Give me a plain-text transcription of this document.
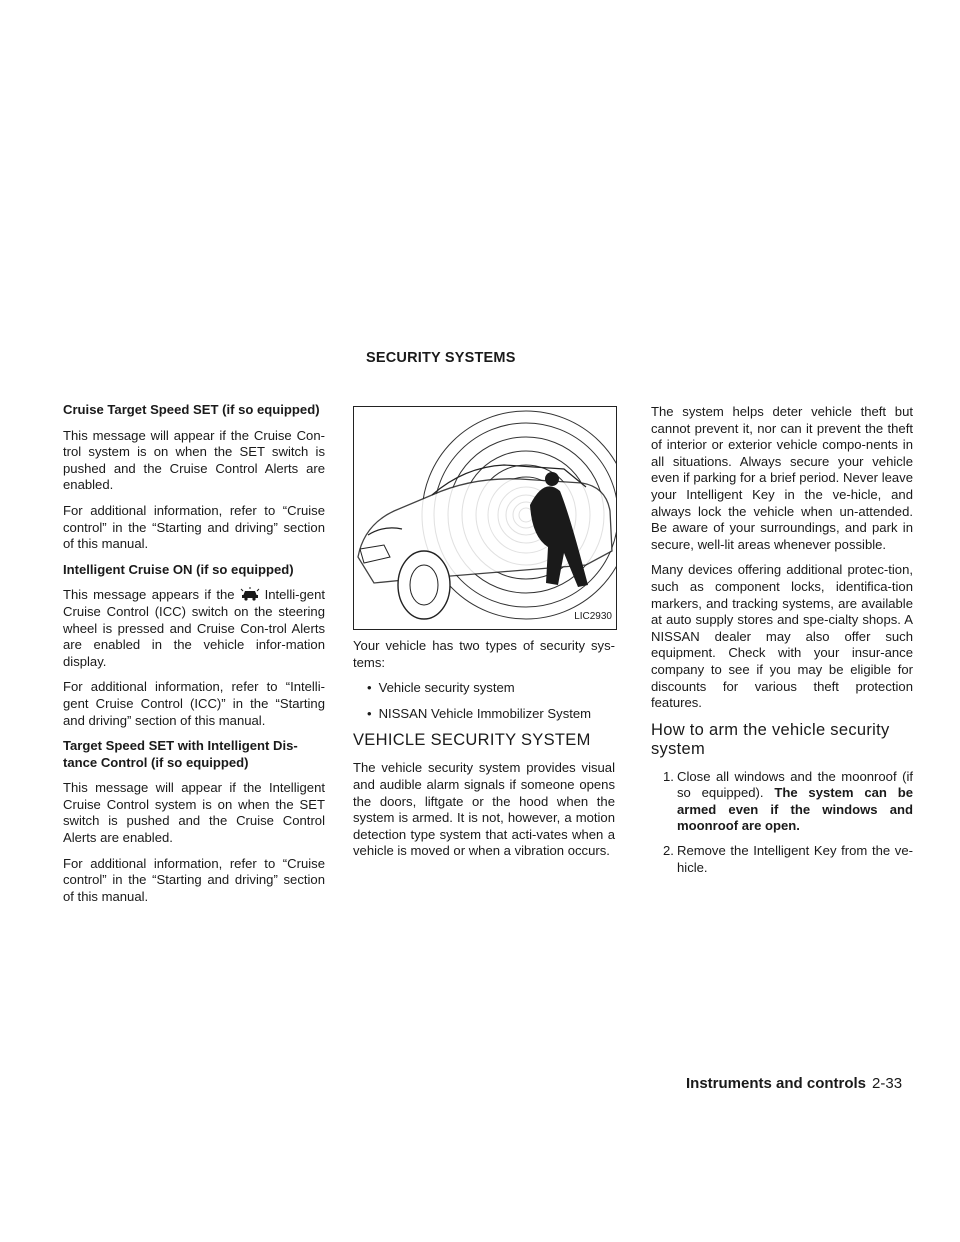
SECURITY SYSTEMS
Cruise Target Speed SET (if so equipped)

This message will appear if the Cruise Con-trol system is on when the SET switch is pushed and the Cruise Control Alerts are enabled.

For additional information, refer to “Cruise control” in the “Starting and driving” section of this manual.

Intelligent Cruise ON (if so equipped)

This message appears if the Intelli-gent Cruise Control (ICC) switch on the steering wheel is pressed and Cruise Con-trol Alerts are enabled in the vehicle infor-mation display.

For additional information, refer to “Intelli-gent Cruise Control (ICC)” in the “Starting and driving” section of this manual.

Target Speed SET with Intelligent Dis-tance Control (if so equipped)

This message will appear if the Intelligent Cruise Control system is on when the SET switch is pushed and the Cruise Control Alerts are enabled.

For additional information, refer to “Cruise control” in the “Starting and driving” section of this manual.

LIC2930

Your vehicle has two types of security sys-tems:

• Vehicle security system
• NISSAN Vehicle Immobilizer System
VEHICLE SECURITY SYSTEM

The vehicle security system provides visual and audible alarm signals if someone opens the doors, liftgate or the hood when the system is armed. It is not, however, a motion detection type system that acti-vates when a vehicle is moved or when a vibration occurs.

The system helps deter vehicle theft but cannot prevent it, nor can it prevent the theft of interior or exterior vehicle compo-nents in all situations. Always secure your vehicle even if parking for a brief period. Never leave your Intelligent Key in the ve-hicle, and always lock the vehicle when un-attended. Be aware of your surroundings, and park in secure, well-lit areas whenever possible.

Many devices offering additional protec-tion, such as component locks, identifica-tion markers, and tracking systems, are available at auto supply stores and spe-cialty shops. A NISSAN dealer may also offer such equipment. Check with your insur-ance company to see if you may be eligible for discounts for various theft protection features.

How to arm the vehicle security system
1. Close all windows and the moonroof (if so equipped). The system can be armed even if the windows and moonroof are open.
2. Remove the Intelligent Key from the ve-hicle.
Instruments and controls 2-33
